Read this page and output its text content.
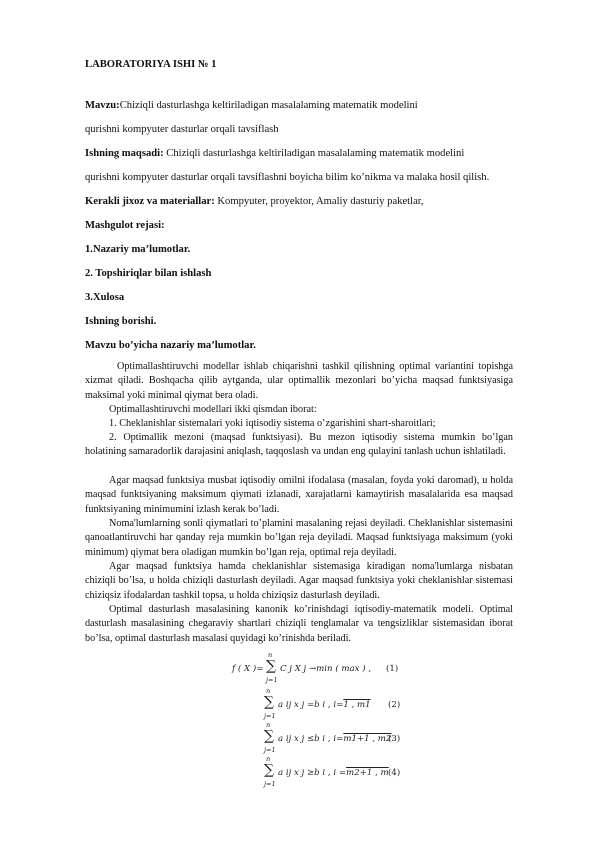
LABORATORIYA ISHI № 1

Mavzu:Chiziqli dasturlashga keltiriladigan masalalaming matematik modelini

qurishni kompyuter dasturlar orqali tavsiflash

Ishning maqsadi: Chiziqli dasturlashga keltiriladigan masalalaming matematik modelini

qurishni kompyuter dasturlar orqali tavsiflashni boyicha bilim ko’nikma va malaka hosil qilish.

Kerakli jixoz va materiallar: Kompyuter, proyektor, Amaliy dasturiy paketlar,

Mashgulot rejasi:

1.Nazariy ma’lumotlar.

2. Topshiriqlar bilan ishlash

3.Xulosa

Ishning borishi.

Mavzu bo’yicha nazariy ma’lumotlar.

Optimallashtiruvchi modellar ishlab chiqarishni tashkil qilishning optimal variantini topishga xizmat qiladi. Boshqacha qilib aytganda, ular optimallik mezonlari bo’yicha maqsad funktsiyasiga maksimal yoki minimal qiymat bera oladi.

Optimallashtiruvchi modellari ikki qismdan iborat:

1. Cheklanishlar sistemalari yoki iqtisodiy sistema o’zgarishini shart-sharoitlari;

2. Optimallik mezoni (maqsad funktsiyasi). Bu mezon iqtisodiy sistema mumkin bo’lgan holatining samaradorlik darajasini aniqlash, taqqoslash va undan eng qulayini tanlash uchun ishlatiladi.

Agar maqsad funktsiya musbat iqtisodiy omilni ifodalasa (masalan, foyda yoki daromad), u holda maqsad funktsiyaning maksimum qiymati izlanadi, xarajatlarni kamaytirish masalalarida esa maqsad funktsiyaning minimumini izlash kerak bo’ladi.

Noma'lumlarning sonli qiymatlari to’plamini masalaning rejasi deyiladi. Cheklanishlar sistemasini qanoatlantiruvchi har qanday reja mumkin bo’lgan reja deyiladi. Maqsad funktsiyaga maksimum (yoki minimum) qiymat bera oladigan mumkin bo’lgan reja, optimal reja deyiladi.

Agar maqsad funktsiya hamda cheklanishlar sistemasiga kiradigan noma'lumlarga nisbatan chiziqli bo’lsa, u holda chiziqli dasturlash deyiladi. Agar maqsad funktsiya yoki cheklanishlar sistemasi chiziqsiz ifodalardan tashkil topsa, u holda chiziqsiz dasturlash deyiladi.

Optimal dasturlash masalasining kanonik ko’rinishdagi iqtisodiy-matematik modeli. Optimal dasturlash masalasining chegaraviy shartlari chiziqli tenglamalar va tengsizliklar sistemasidan iborat bo’lsa, optimal dasturlash masalasi quyidagi ko’rinishda beriladi.

f ( X )=
n
∑
j=1
C j X j →min ( max ) , (1)
n
∑
j=1
a ij x j =b i , i=1 , m1 (2)
n
∑
j=1
a ij x j ≤b i , i=m1+1 , m2
(3)
n
∑
j=1
a ij x j ≥b i , i =m2+1 , m (4)
